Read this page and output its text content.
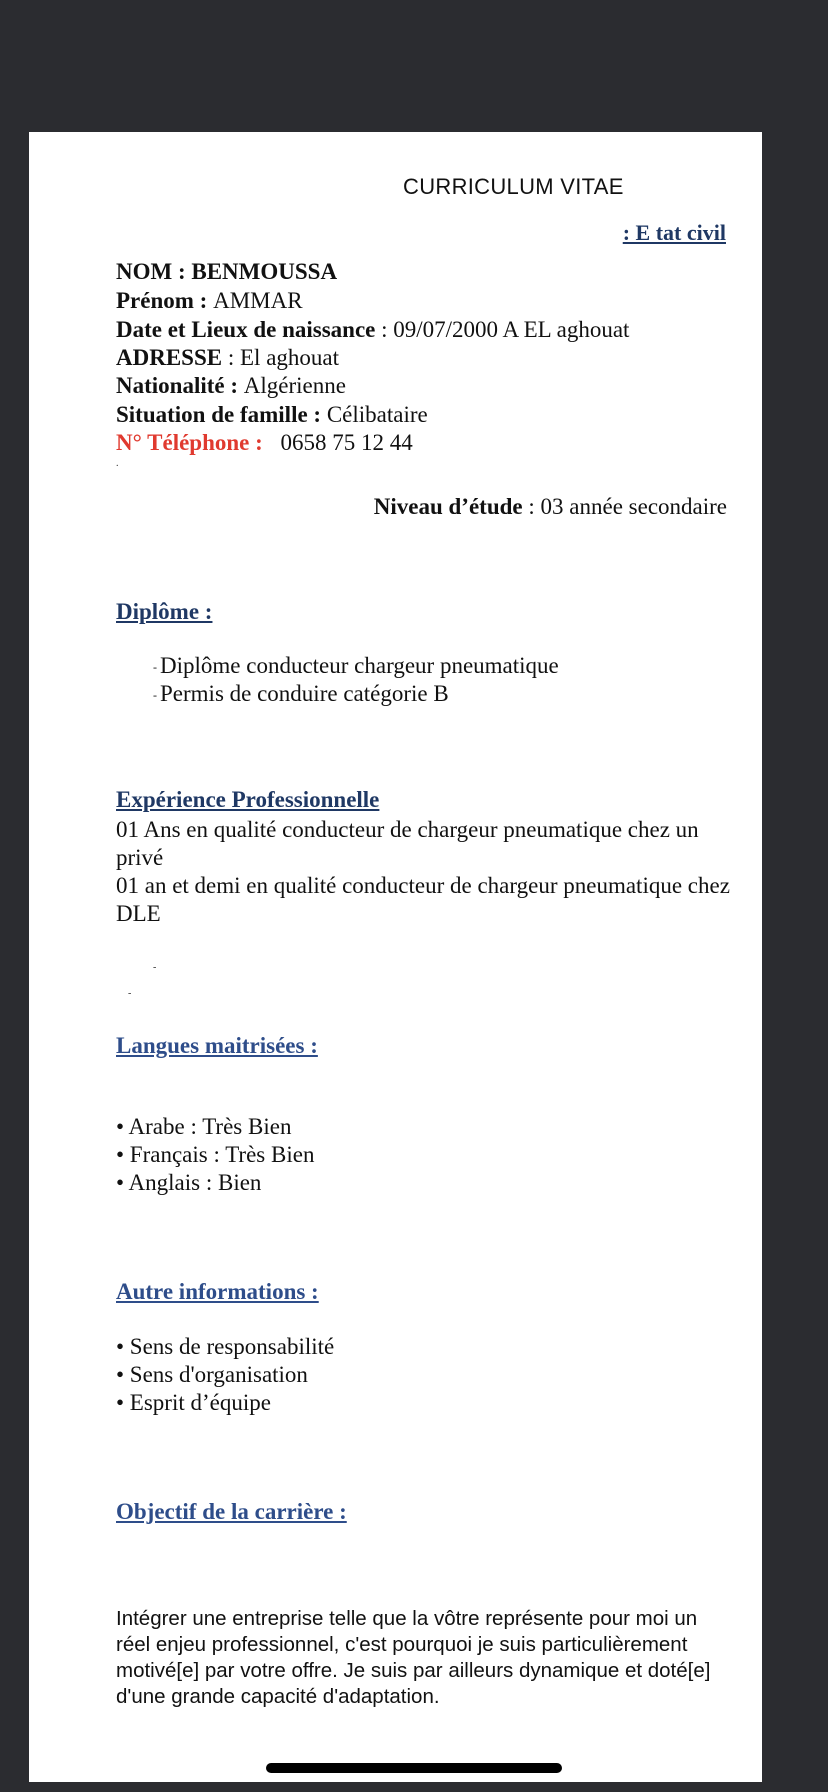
CURRICULUM VITAE
: E tat civil
NOM : BENMOUSSA
Prénom : AMMAR
Date et Lieux de naissance : 09/07/2000 A EL aghouat
ADRESSE : El aghouat
Nationalité : Algérienne
Situation de famille : Célibataire
N° Téléphone : 0658 75 12 44
.
Niveau d’étude : 03 année secondaire
Diplôme :
- Diplôme conducteur chargeur pneumatique
- Permis de conduire catégorie B
Expérience Professionnelle
01 Ans en qualité conducteur de chargeur pneumatique chez un privé
01 an et demi en qualité conducteur de chargeur pneumatique chez DLE
-
-
Langues maitrisées :
• Arabe : Très Bien
• Français : Très Bien
• Anglais : Bien
Autre informations :
• Sens de responsabilité
• Sens d'organisation
• Esprit d’équipe
Objectif de la carrière :
Intégrer une entreprise telle que la vôtre représente pour moi un réel enjeu professionnel, c'est pourquoi je suis particulièrement motivé[e] par votre offre. Je suis par ailleurs dynamique et doté[e] d'une grande capacité d'adaptation.
